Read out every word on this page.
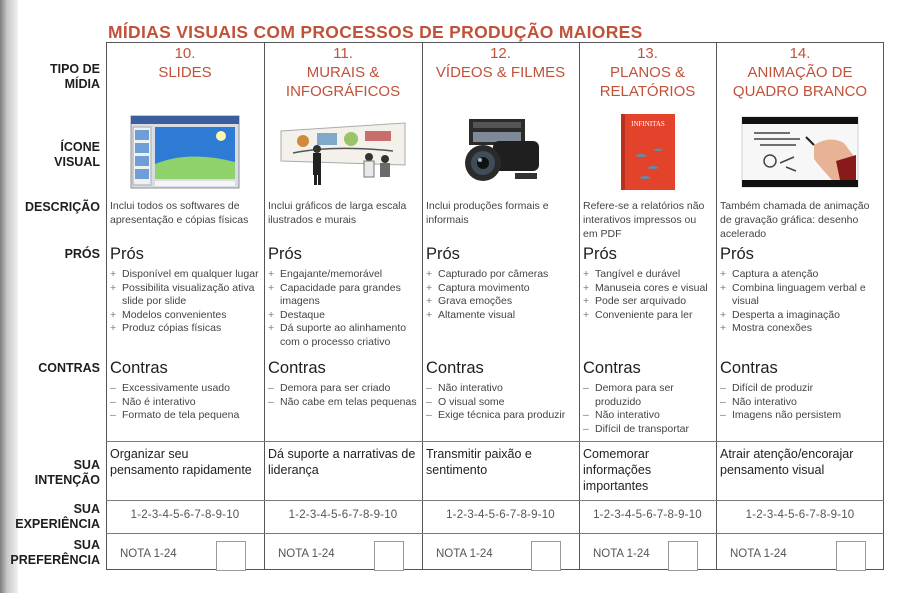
MÍDIAS VISUAIS COM PROCESSOS DE PRODUÇÃO MAIORES
TIPO DE
MÍDIA
ÍCONE
VISUAL
DESCRIÇÃO
PRÓS
CONTRAS
SUA
INTENÇÃO
SUA
EXPERIÊNCIA
SUA
PREFERÊNCIA
10.
SLIDES
Inclui todos os softwares de apresentação e cópias físicas
Prós
+ Disponível em qualquer lugar
+ Possibilita visualização ativa slide por slide
+ Modelos convenientes
+ Produz cópias físicas
Contras
– Excessivamente usado
– Não é interativo
– Formato de tela pequena
Organizar seu pensamento rapidamente
1-2-3-4-5-6-7-8-9-10
NOTA 1-24
11.
MURAIS &
INFOGRÁFICOS
Inclui gráficos de larga escala ilustrados e murais
Prós
+ Engajante/memorável
+ Capacidade para grandes imagens
+ Destaque
+ Dá suporte ao alinhamento com o processo criativo
Contras
– Demora para ser criado
– Não cabe em telas pequenas
Dá suporte a narrativas de liderança
1-2-3-4-5-6-7-8-9-10
NOTA 1-24
12.
VÍDEOS & FILMES
Inclui produções formais e informais
Prós
+ Capturado por câmeras
+ Captura movimento
+ Grava emoções
+ Altamente visual
Contras
– Não interativo
– O visual some
– Exige técnica para produzir
Transmitir paixão e sentimento
1-2-3-4-5-6-7-8-9-10
NOTA 1-24
13.
PLANOS &
RELATÓRIOS
INFINITAS
Refere-se a relatórios não interativos impressos ou em PDF
Prós
+ Tangível e durável
+ Manuseia cores e visual
+ Pode ser arquivado
+ Conveniente para ler
Contras
– Demora para ser produzido
– Não interativo
– Difícil de transportar
Comemorar informações importantes
1-2-3-4-5-6-7-8-9-10
NOTA 1-24
14.
ANIMAÇÃO DE
QUADRO BRANCO
Também chamada de animação de gravação gráfica: desenho acelerado
Prós
+ Captura a atenção
+ Combina linguagem verbal e visual
+ Desperta a imaginação
+ Mostra conexões
Contras
– Difícil de produzir
– Não interativo
– Imagens não persistem
Atrair atenção/encorajar pensamento visual
1-2-3-4-5-6-7-8-9-10
NOTA 1-24
